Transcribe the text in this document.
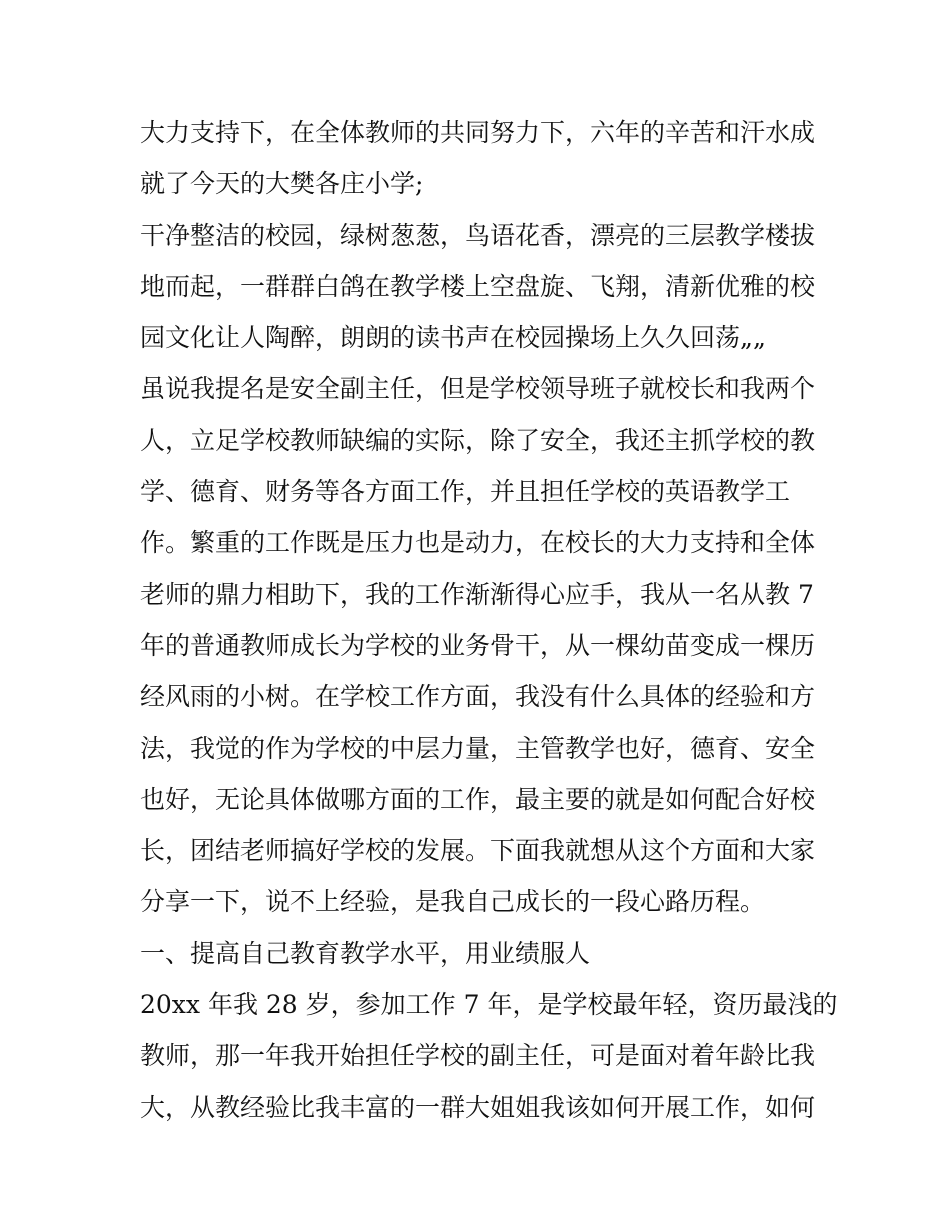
大力支持下，在全体教师的共同努力下，六年的辛苦和汗水成
就了今天的大樊各庄小学;
干净整洁的校园，绿树葱葱，鸟语花香，漂亮的三层教学楼拔
地而起，一群群白鸽在教学楼上空盘旋、飞翔，清新优雅的校
园文化让人陶醉，朗朗的读书声在校园操场上久久回荡„„
虽说我提名是安全副主任，但是学校领导班子就校长和我两个
人，立足学校教师缺编的实际，除了安全，我还主抓学校的教
学、德育、财务等各方面工作，并且担任学校的英语教学工
作。繁重的工作既是压力也是动力，在校长的大力支持和全体
老师的鼎力相助下，我的工作渐渐得心应手，我从一名从教 7
年的普通教师成长为学校的业务骨干，从一棵幼苗变成一棵历
经风雨的小树。在学校工作方面，我没有什么具体的经验和方
法，我觉的作为学校的中层力量，主管教学也好，德育、安全
也好，无论具体做哪方面的工作，最主要的就是如何配合好校
长，团结老师搞好学校的发展。下面我就想从这个方面和大家
分享一下，说不上经验，是我自己成长的一段心路历程。
一、提高自己教育教学水平，用业绩服人
20xx 年我 28 岁，参加工作 7 年，是学校最年轻，资历最浅的
教师，那一年我开始担任学校的副主任，可是面对着年龄比我
大，从教经验比我丰富的一群大姐姐我该如何开展工作，如何
